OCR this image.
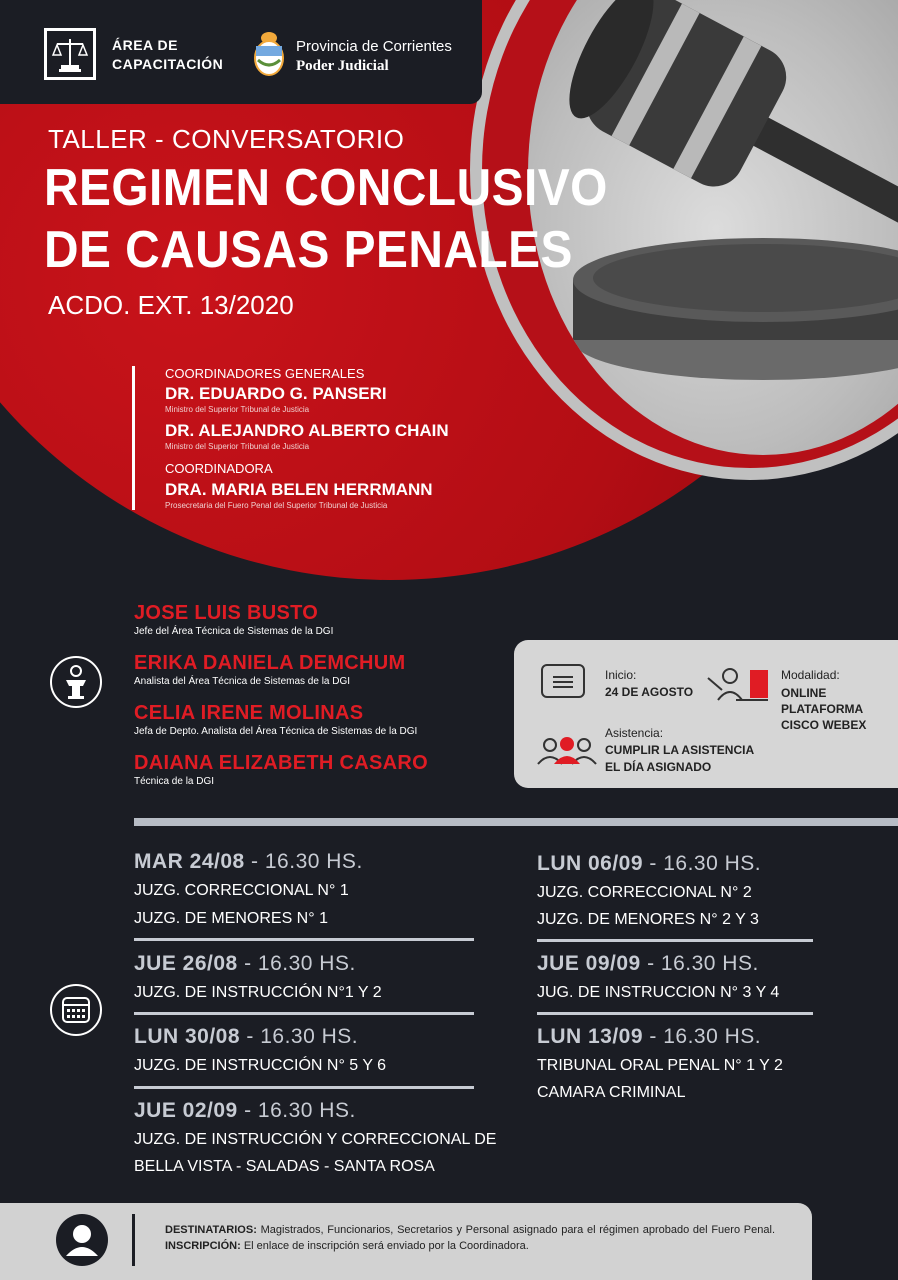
ÁREA DE
CAPACITACIÓN
Provincia de Corrientes
Poder Judicial
TALLER - CONVERSATORIO
REGIMEN CONCLUSIVO
DE CAUSAS PENALES
ACDO. EXT. 13/2020
COORDINADORES GENERALES
DR. EDUARDO G. PANSERI
Ministro del Superior Tribunal de Justicia
DR. ALEJANDRO ALBERTO CHAIN
Ministro del Superior Tribunal de Justicia
COORDINADORA
DRA. MARIA BELEN HERRMANN
Prosecretaria del Fuero Penal del Superior Tribunal de Justicia
JOSE LUIS BUSTO
Jefe del Área Técnica de Sistemas de la DGI
ERIKA DANIELA DEMCHUM
Analista del Área Técnica de Sistemas de la DGI
CELIA IRENE MOLINAS
Jefa de Depto. Analista del Área Técnica de Sistemas de la DGI
DAIANA ELIZABETH CASARO
Técnica de la DGI
Inicio:
24 DE AGOSTO
Modalidad:
ONLINE
PLATAFORMA
CISCO WEBEX
Asistencia:
CUMPLIR LA ASISTENCIA
EL DÍA ASIGNADO
MAR 24/08 - 16.30 HS.
JUZG. CORRECCIONAL N° 1
JUZG. DE MENORES N° 1
JUE 26/08 - 16.30 HS.
JUZG. DE INSTRUCCIÓN N°1 Y 2
LUN 30/08 - 16.30 HS.
JUZG. DE INSTRUCCIÓN N° 5 Y 6
JUE 02/09 - 16.30 HS.
JUZG. DE INSTRUCCIÓN Y CORRECCIONAL DE
BELLA VISTA - SALADAS - SANTA ROSA
LUN 06/09 - 16.30 HS.
JUZG. CORRECCIONAL N° 2
JUZG. DE MENORES N° 2 Y 3
JUE 09/09 - 16.30 HS.
JUG. DE INSTRUCCION N° 3 Y 4
LUN 13/09 - 16.30 HS.
TRIBUNAL ORAL PENAL N° 1 Y 2
CAMARA CRIMINAL
DESTINATARIOS: Magistrados, Funcionarios, Secretarios y Personal asignado para el régimen aprobado del Fuero Penal. INSCRIPCIÓN: El enlace de inscripción será enviado por la Coordinadora.
